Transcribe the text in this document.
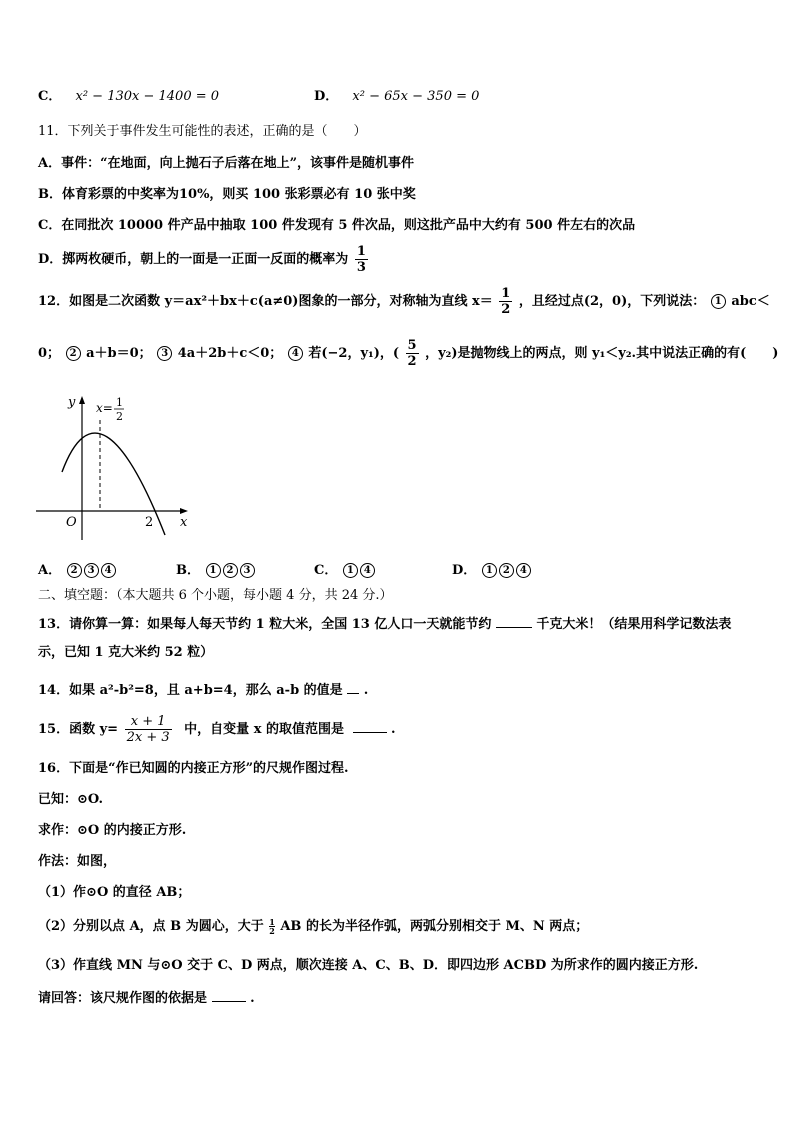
C． x² − 130x − 1400 = 0	D． x² − 65x − 350 = 0
11．下列关于事件发生可能性的表述，正确的是（　　）
A．事件：“在地面，向上抛石子后落在地上”，该事件是随机事件
B．体育彩票的中奖率为10%，则买 100 张彩票必有 10 张中奖
C．在同批次 10000 件产品中抽取 100 件发现有 5 件次品，则这批产品中大约有 500 件左右的次品
D．掷两枚硬币，朝上的一面是一正面一反面的概率为 $\frac{1}{3}$
12．如图是二次函数 y＝ax²＋bx＋c(a≠0)图象的一部分，对称轴为直线 $x= \frac{1}{2}$ ，且经过点(2，0)，下列说法： 1 abc＜
0； 2 a＋b＝0； 3 4a＋2b＋c＜0； 4 若(−2，y₁)，( $\frac{5}{2}$ ，y₂)是抛物线上的两点，则 y₁＜y₂.其中说法正确的有(　　)
y
x
O	2
x= 1
2
A． 2 3 4	B． 1 2 3	C． 1 4	D． 1 2 4
二、填空题：（本大题共 6 个小题，每小题 4 分，共 24 分.）
13．请你算一算：如果每人每天节约 1 粒大米，全国 13 亿人口一天就能节约	千克大米！（结果用科学记数法表
示，已知 1 克大米约 52 粒）
14．如果 a²-b²=8，且 a+b=4，那么 a-b 的值是 .
15．函数 $y= \frac{x + 1}{2x + 3}$ 中，自变量 x 的取值范围是	.
16．下面是“作已知圆的内接正方形”的尺规作图过程.
已知：⊙O.
求作：⊙O 的内接正方形.
作法：如图，
（1）作⊙O 的直径 AB；
（2）分别以点 A，点 B 为圆心，大于 $\frac{1}{2}$ AB 的长为半径作弧，两弧分别相交于 M、N 两点；
（3）作直线 MN 与⊙O 交于 C、D 两点，顺次连接 A、C、B、D．即四边形 ACBD 为所求作的圆内接正方形.
请回答：该尺规作图的依据是	.
